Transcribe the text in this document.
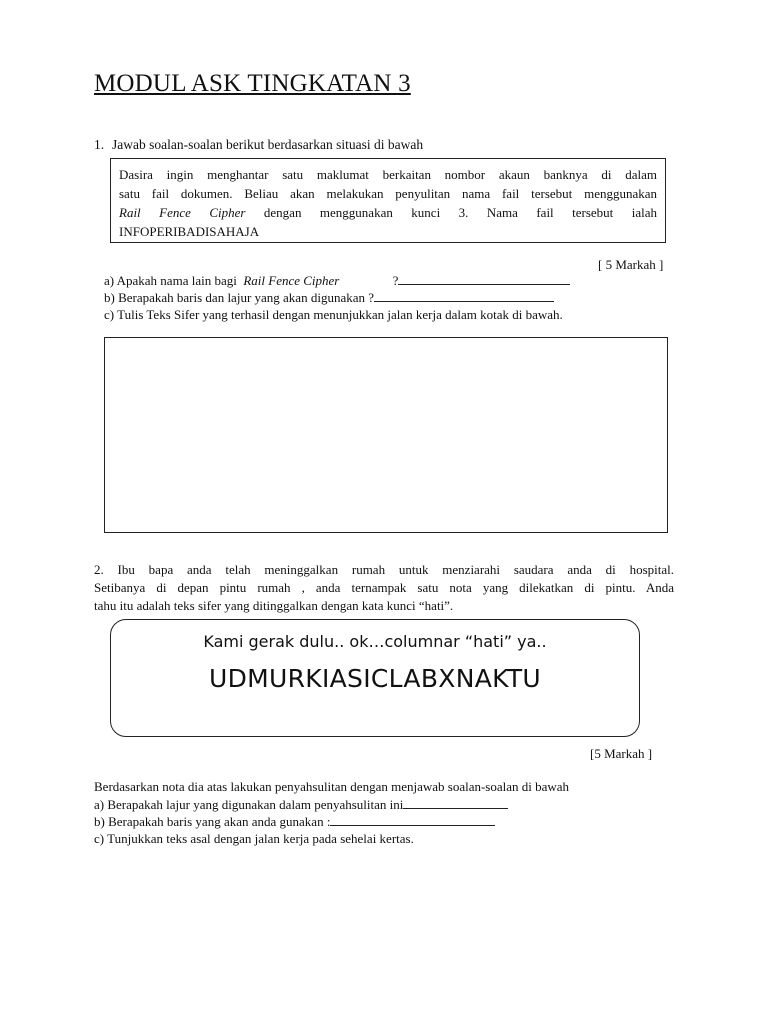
MODUL ASK TINGKATAN 3
1. Jawab soalan-soalan berikut berdasarkan situasi di bawah
Dasira ingin menghantar satu maklumat berkaitan nombor akaun banknya di dalam
satu fail dokumen. Beliau akan melakukan penyulitan nama fail tersebut menggunakan
Rail Fence Cipher dengan menggunakan kunci 3. Nama fail tersebut ialah
INFOPERIBADISAHAJA
[ 5 Markah ]
a) Apakah nama lain bagi Rail Fence Cipher	?
b) Berapakah baris dan lajur yang akan digunakan ?
c) Tulis Teks Sifer yang terhasil dengan menunjukkan jalan kerja dalam kotak di bawah.
2. Ibu bapa anda telah meninggalkan rumah untuk menziarahi saudara anda di hospital.
Setibanya di depan pintu rumah , anda ternampak satu nota yang dilekatkan di pintu. Anda
tahu itu adalah teks sifer yang ditinggalkan dengan kata kunci “hati”.
Kami gerak dulu.. ok…columnar “hati” ya..
UDMURKIASICLABXNAKTU
[5 Markah ]
Berdasarkan nota dia atas lakukan penyahsulitan dengan menjawab soalan-soalan di bawah
a) Berapakah lajur yang digunakan dalam penyahsulitan ini
b) Berapakah baris yang akan anda gunakan :
c) Tunjukkan teks asal dengan jalan kerja pada sehelai kertas.
